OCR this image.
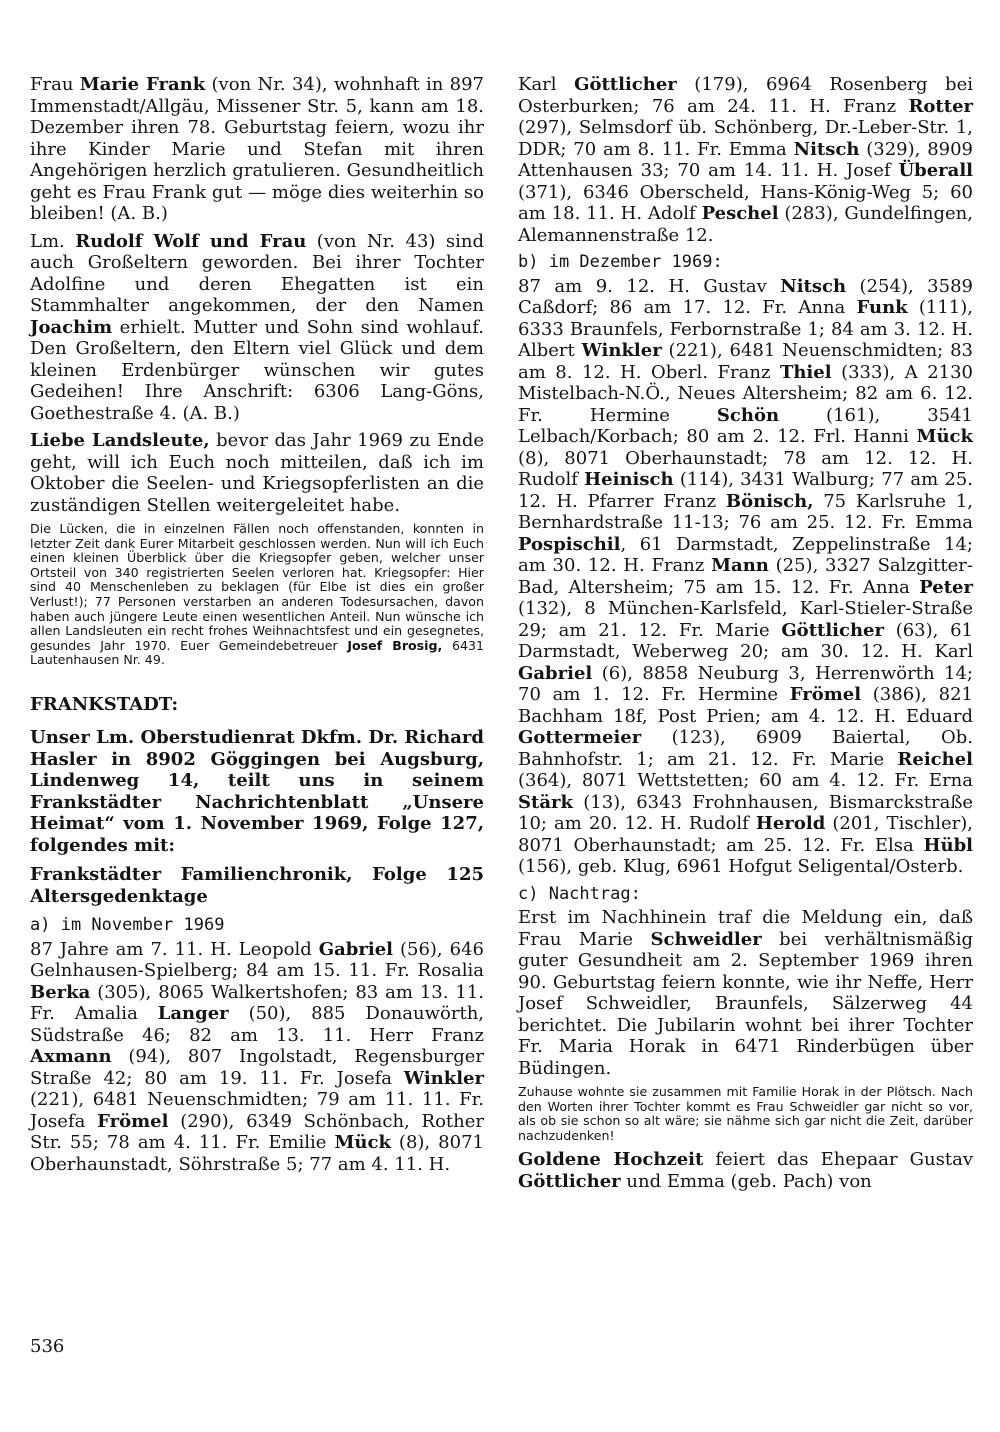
Frau Marie Frank (von Nr. 34), wohnhaft in 897 Immenstadt/Allgäu, Missener Str. 5, kann am 18. Dezember ihren 78. Geburtstag feiern, wozu ihr ihre Kinder Marie und Stefan mit ihren Angehörigen herzlich gratulieren. Gesundheitlich geht es Frau Frank gut — möge dies weiterhin so bleiben! (A. B.)

Lm. Rudolf Wolf und Frau (von Nr. 43) sind auch Großeltern geworden. Bei ihrer Tochter Adolfine und deren Ehegatten ist ein Stammhalter angekommen, der den Namen Joachim erhielt. Mutter und Sohn sind wohlauf. Den Großeltern, den Eltern viel Glück und dem kleinen Erdenbürger wünschen wir gutes Gedeihen! Ihre Anschrift: 6306 Lang-Göns, Goethestraße 4. (A. B.)

Liebe Landsleute, bevor das Jahr 1969 zu Ende geht, will ich Euch noch mitteilen, daß ich im Oktober die Seelen- und Kriegsopferlisten an die zuständigen Stellen weitergeleitet habe.

Die Lücken, die in einzelnen Fällen noch offenstanden, konnten in letzter Zeit dank Eurer Mitarbeit geschlossen werden. Nun will ich Euch einen kleinen Überblick über die Kriegsopfer geben, welcher unser Ortsteil von 340 registrierten Seelen verloren hat. Kriegsopfer: Hier sind 40 Menschenleben zu beklagen (für Elbe ist dies ein großer Verlust!); 77 Personen verstarben an anderen Todesursachen, davon haben auch jüngere Leute einen wesentlichen Anteil. Nun wünsche ich allen Landsleuten ein recht frohes Weihnachtsfest und ein gesegnetes, gesundes Jahr 1970. Euer Gemeindebetreuer Josef Brosig, 6431 Lautenhausen Nr. 49.

FRANKSTADT:

Unser Lm. Oberstudienrat Dkfm. Dr. Richard Hasler in 8902 Göggingen bei Augsburg, Lindenweg 14, teilt uns in seinem Frankstädter Nachrichtenblatt „Unsere Heimat“ vom 1. November 1969, Folge 127, folgendes mit:

Frankstädter Familienchronik, Folge 125 Altersgedenktage

a) im November 1969

87 Jahre am 7. 11. H. Leopold Gabriel (56), 646 Gelnhausen-Spielberg; 84 am 15. 11. Fr. Rosalia Berka (305), 8065 Walkertshofen; 83 am 13. 11. Fr. Amalia Langer (50), 885 Donauwörth, Südstraße 46; 82 am 13. 11. Herr Franz Axmann (94), 807 Ingolstadt, Regensburger Straße 42; 80 am 19. 11. Fr. Josefa Winkler (221), 6481 Neuenschmidten; 79 am 11. 11. Fr. Josefa Frömel (290), 6349 Schönbach, Rother Str. 55; 78 am 4. 11. Fr. Emilie Mück (8), 8071 Oberhaunstadt, Söhrstraße 5; 77 am 4. 11. H.

Karl Göttlicher (179), 6964 Rosenberg bei Osterburken; 76 am 24. 11. H. Franz Rotter (297), Selmsdorf üb. Schönberg, Dr.-Leber-Str. 1, DDR; 70 am 8. 11. Fr. Emma Nitsch (329), 8909 Attenhausen 33; 70 am 14. 11. H. Josef Überall (371), 6346 Oberscheld, Hans-König-Weg 5; 60 am 18. 11. H. Adolf Peschel (283), Gundelfingen, Alemannenstraße 12.

b) im Dezember 1969:

87 am 9. 12. H. Gustav Nitsch (254), 3589 Caßdorf; 86 am 17. 12. Fr. Anna Funk (111), 6333 Braunfels, Ferbornstraße 1; 84 am 3. 12. H. Albert Winkler (221), 6481 Neuenschmidten; 83 am 8. 12. H. Oberl. Franz Thiel (333), A 2130 Mistelbach-N.Ö., Neues Altersheim; 82 am 6. 12. Fr. Hermine Schön (161), 3541 Lelbach/Korbach; 80 am 2. 12. Frl. Hanni Mück (8), 8071 Oberhaunstadt; 78 am 12. 12. H. Rudolf Heinisch (114), 3431 Walburg; 77 am 25. 12. H. Pfarrer Franz Bönisch, 75 Karlsruhe 1, Bernhardstraße 11-13; 76 am 25. 12. Fr. Emma Pospischil, 61 Darmstadt, Zeppelinstraße 14; am 30. 12. H. Franz Mann (25), 3327 Salzgitter-Bad, Altersheim; 75 am 15. 12. Fr. Anna Peter (132), 8 München-Karlsfeld, Karl-Stieler-Straße 29; am 21. 12. Fr. Marie Göttlicher (63), 61 Darmstadt, Weberweg 20; am 30. 12. H. Karl Gabriel (6), 8858 Neuburg 3, Herrenwörth 14; 70 am 1. 12. Fr. Hermine Frömel (386), 821 Bachham 18f, Post Prien; am 4. 12. H. Eduard Gottermeier (123), 6909 Baiertal, Ob. Bahnhofstr. 1; am 21. 12. Fr. Marie Reichel (364), 8071 Wettstetten; 60 am 4. 12. Fr. Erna Stärk (13), 6343 Frohnhausen, Bismarckstraße 10; am 20. 12. H. Rudolf Herold (201, Tischler), 8071 Oberhaunstadt; am 25. 12. Fr. Elsa Hübl (156), geb. Klug, 6961 Hofgut Seligental/Osterb.

c) Nachtrag:

Erst im Nachhinein traf die Meldung ein, daß Frau Marie Schweidler bei verhältnismäßig guter Gesundheit am 2. September 1969 ihren 90. Geburtstag feiern konnte, wie ihr Neffe, Herr Josef Schweidler, Braunfels, Sälzerweg 44 berichtet. Die Jubilarin wohnt bei ihrer Tochter Fr. Maria Horak in 6471 Rinderbügen über Büdingen.

Zuhause wohnte sie zusammen mit Familie Horak in der Plötsch. Nach den Worten ihrer Tochter kommt es Frau Schweidler gar nicht so vor, als ob sie schon so alt wäre; sie nähme sich gar nicht die Zeit, darüber nachzudenken!

Goldene Hochzeit feiert das Ehepaar Gustav Göttlicher und Emma (geb. Pach) von

536
